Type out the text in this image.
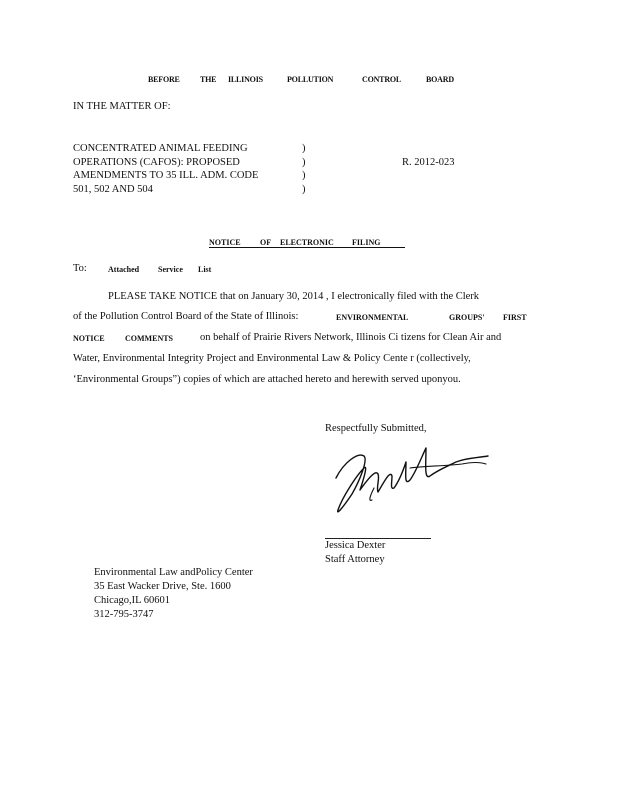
BEFORE	THE ILLINOIS	POLLUTION	CONTROL	BOARD
IN THE MATTER OF:
CONCENTRATED ANIMAL FEEDING
OPERATIONS (CAFOS): PROPOSED
AMENDMENTS TO 35 ILL. ADM. CODE
501, 502 AND 504
)
)
)
)
R. 2012-023
NOTICE OF ELECTRONIC FILING
To:	Attached Service List
PLEASE TAKE NOTICE that on January 30, 2014 , I electronically filed with the Clerk
of the Pollution Control Board of the State of Illinois:	ENVIRONMENTAL	GROUPS' FIRST
NOTICE	COMMENTS	on behalf of Prairie Rivers Network, Illinois Ci tizens for Clean Air and
Water, Environmental Integrity Project and Environmental Law & Policy Cente r (collectively,
‘Environmental Groups”) copies of which are attached hereto and herewith served uponyou.
Respectfully Submitted,
Jessica Dexter
Staff Attorney
Environmental Law andPolicy Center
35 East Wacker Drive, Ste. 1600
Chicago,IL 60601
312-795-3747
